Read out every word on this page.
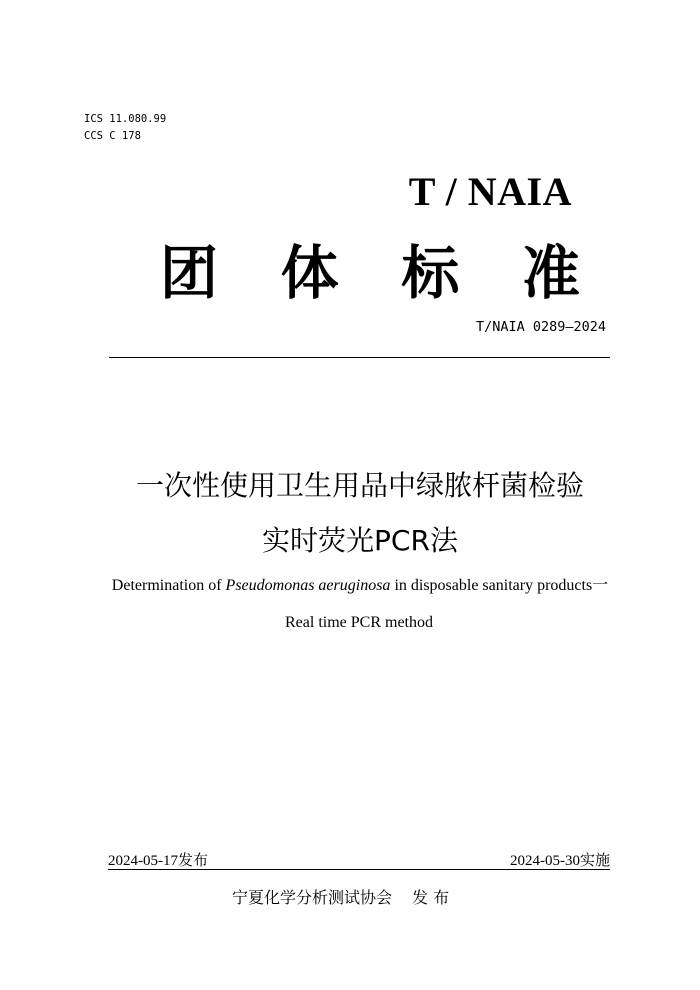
ICS 11.080.99
CCS C 178
T / NAIA
团 体 标 准
T/NAIA 0289—2024
一次性使用卫生用品中绿脓杆菌检验
实时荧光PCR法
Determination of Pseudomonas aeruginosa in disposable sanitary products一
Real time PCR method
2024-05-17发布	2024-05-30实施
宁夏化学分析测试协会 发 布
